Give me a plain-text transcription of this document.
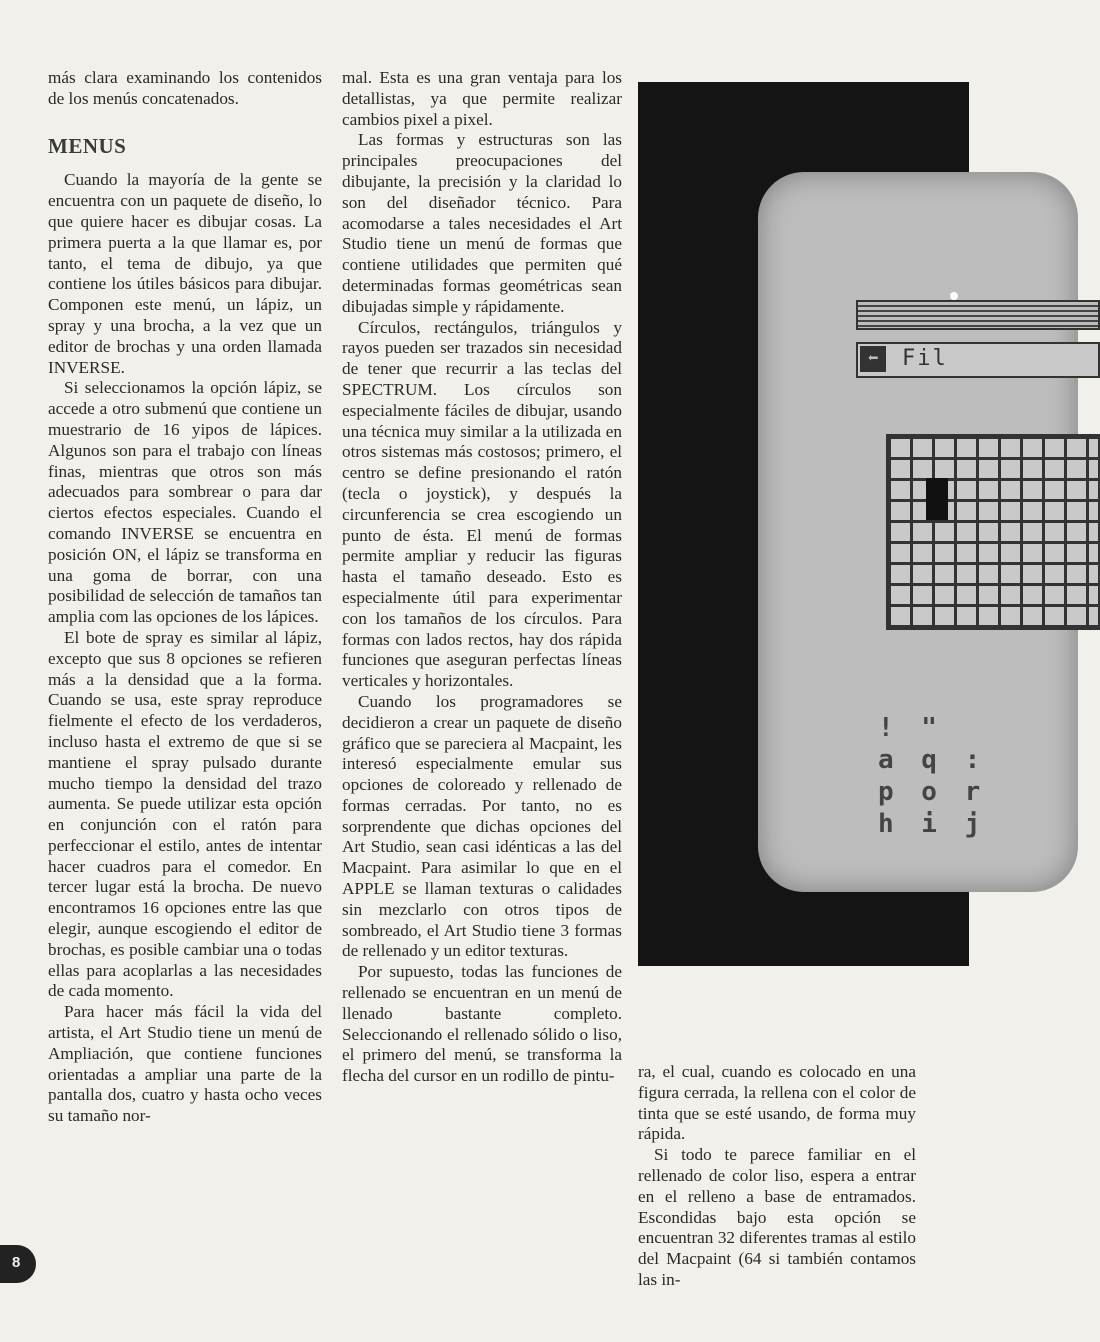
más clara examinando los contenidos de los menús concatenados.

MENUS

Cuando la mayoría de la gente se encuentra con un paquete de diseño, lo que quiere hacer es dibujar cosas. La primera puerta a la que llamar es, por tanto, el tema de dibujo, ya que contiene los útiles básicos para dibujar. Componen este menú, un lápiz, un spray y una brocha, a la vez que un editor de brochas y una orden llamada INVERSE.

Si seleccionamos la opción lápiz, se accede a otro submenú que contiene un muestrario de 16 yipos de lápices. Algunos son para el trabajo con líneas finas, mientras que otros son más adecuados para sombrear o para dar ciertos efectos especiales. Cuando el comando INVERSE se encuentra en posición ON, el lápiz se transforma en una goma de borrar, con una posibilidad de selección de tamaños tan amplia com las opciones de los lápices.

El bote de spray es similar al lápiz, excepto que sus 8 opciones se refieren más a la densidad que a la forma. Cuando se usa, este spray reproduce fielmente el efecto de los verdaderos, incluso hasta el extremo de que si se mantiene el spray pulsado durante mucho tiempo la densidad del trazo aumenta. Se puede utilizar esta opción en conjunción con el ratón para perfeccionar el estilo, antes de intentar hacer cuadros para el comedor. En tercer lugar está la brocha. De nuevo encontramos 16 opciones entre las que elegir, aunque escogiendo el editor de brochas, es posible cambiar una o todas ellas para acoplarlas a las necesidades de cada momento.

Para hacer más fácil la vida del artista, el Art Studio tiene un menú de Ampliación, que contiene funciones orientadas a ampliar una parte de la pantalla dos, cuatro y hasta ocho veces su tamaño nor-

mal. Esta es una gran ventaja para los detallistas, ya que permite realizar cambios pixel a pixel.

Las formas y estructuras son las principales preocupaciones del dibujante, la precisión y la claridad lo son del diseñador técnico. Para acomodarse a tales necesidades el Art Studio tiene un menú de formas que contiene utilidades que permiten qué determinadas formas geométricas sean dibujadas simple y rápidamente.

Círculos, rectángulos, triángulos y rayos pueden ser trazados sin necesidad de tener que recurrir a las teclas del SPECTRUM. Los círculos son especialmente fáciles de dibujar, usando una técnica muy similar a la utilizada en otros sistemas más costosos; primero, el centro se define presionando el ratón (tecla o joystick), y después la circunferencia se crea escogiendo un punto de ésta. El menú de formas permite ampliar y reducir las figuras hasta el tamaño deseado. Esto es especialmente útil para experimentar con los tamaños de los círculos. Para formas con lados rectos, hay dos rápida funciones que aseguran perfectas líneas verticales y horizontales.

Cuando los programadores se decidieron a crear un paquete de diseño gráfico que se pareciera al Macpaint, les interesó especialmente emular sus opciones de coloreado y rellenado de formas cerradas. Por tanto, no es sorprendente que dichas opciones del Art Studio, sean casi idénticas a las del Macpaint. Para asimilar lo que en el APPLE se llaman texturas o calidades sin mezclarlo con otros tipos de sombreado, el Art Studio tiene 3 formas de rellenado y un editor texturas.

Por supuesto, todas las funciones de rellenado se encuentran en un menú de llenado bastante completo. Seleccionando el rellenado sólido o liso, el primero del menú, se transforma la flecha del cursor en un rodillo de pintu-

⬅	Fil
! "
a q :
p o r
h i j

ra, el cual, cuando es colocado en una figura cerrada, la rellena con el color de tinta que se esté usando, de forma muy rápida.

Si todo te parece familiar en el rellenado de color liso, espera a entrar en el relleno a base de entramados. Escondidas bajo esta opción se encuentran 32 diferentes tramas al estilo del Macpaint (64 si también contamos las in-

8
